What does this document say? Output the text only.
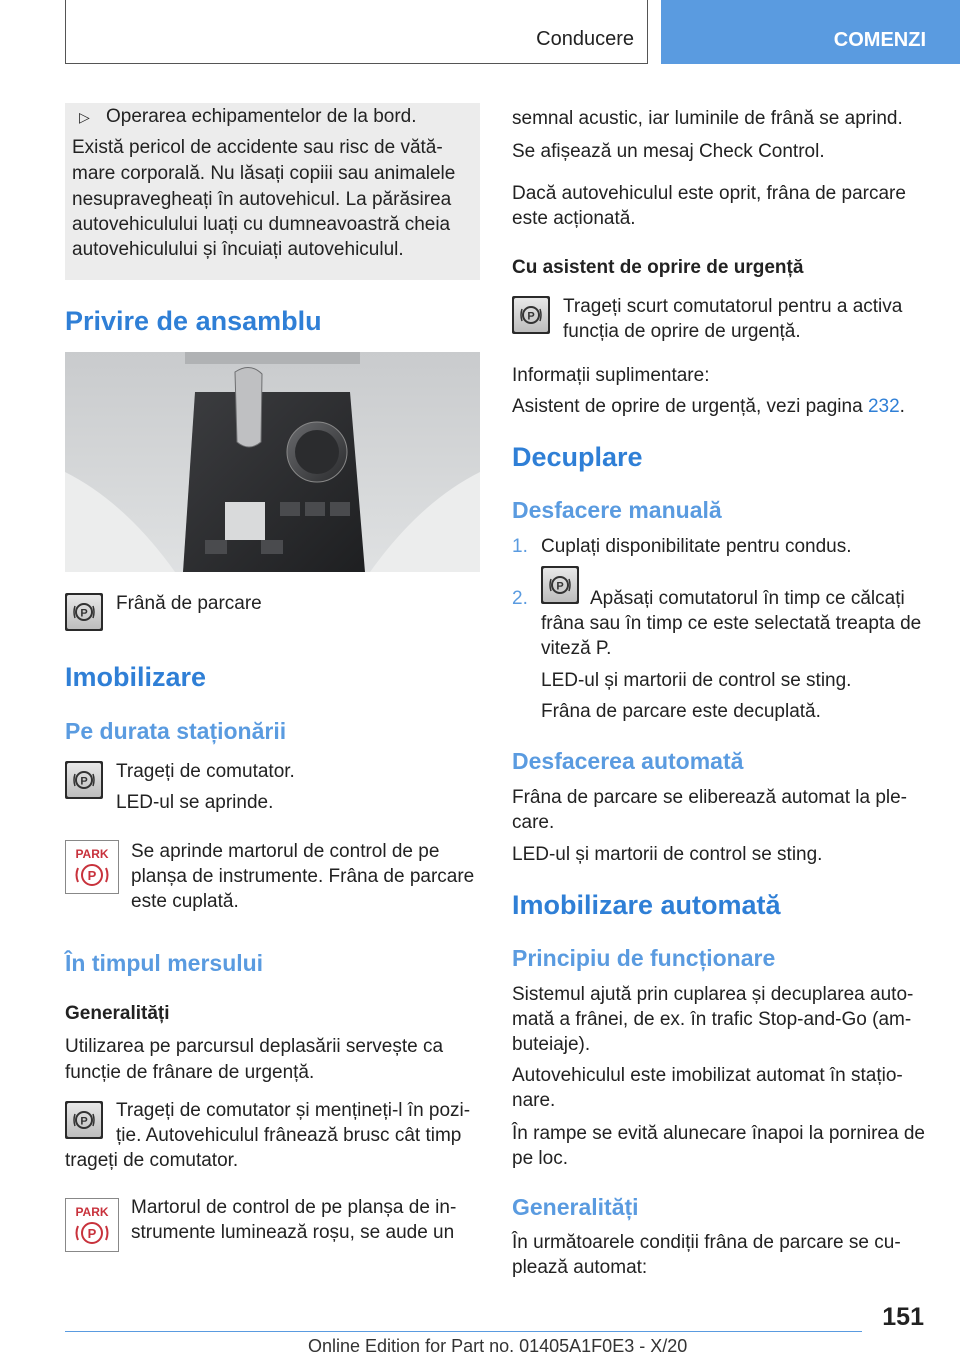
Conducere	COMENZI
▷ Operarea echipamentelor de la bord.
Există pericol de accidente sau risc de vătă‐
mare corporală. Nu lăsați copiii sau animalele
nesupravegheați în autovehicul. La părăsirea
autovehiculului luați cu dumneavoastră cheia
autovehiculului și încuiați autovehiculul.
Privire de ansamblu
P Frână de parcare
Imobilizare
Pe durata staționării
P Trageți de comutator.
LED-ul se aprinde.
PARK
P
Se aprinde martorul de control de pe
planșa de instrumente. Frâna de parcare
este cuplată.
În timpul mersului
Generalități
Utilizarea pe parcursul deplasării servește ca
funcție de frânare de urgență.
P
Trageți de comutator și mențineți-l în pozi‐
ție. Autovehiculul frânează brusc cât timp
trageți de comutator.
PARK
P
Martorul de control de pe planșa de in‐
strumente luminează roșu, se aude un
semnal acustic, iar luminile de frână se aprind.
Se afișează un mesaj Check Control.
Dacă autovehiculul este oprit, frâna de parcare
este acționată.
Cu asistent de oprire de urgență
P Trageți scurt comutatorul pentru a activa
funcția de oprire de urgență.
Informații suplimentare:
Asistent de oprire de urgență, vezi pagina 232.
Decuplare
Desfacere manuală
1. Cuplați disponibilitate pentru condus.
2.
P
Apăsați comutatorul în timp ce călcați
frâna sau în timp ce este selectată treapta de
viteză P.
LED-ul și martorii de control se sting.
Frâna de parcare este decuplată.
Desfacerea automată
Frâna de parcare se eliberează automat la ple‐
care.
LED-ul și martorii de control se sting.
Imobilizare automată
Principiu de funcționare
Sistemul ajută prin cuplarea și decuplarea auto‐
mată a frânei, de ex. în trafic Stop-and-Go (am‐
buteiaje).
Autovehiculul este imobilizat automat în stațio‐
nare.
În rampe se evită alunecare înapoi la pornirea de
pe loc.
Generalități
În următoarele condiții frâna de parcare se cu‐
plează automat:
151
Online Edition for Part no. 01405A1F0E3 - X/20
